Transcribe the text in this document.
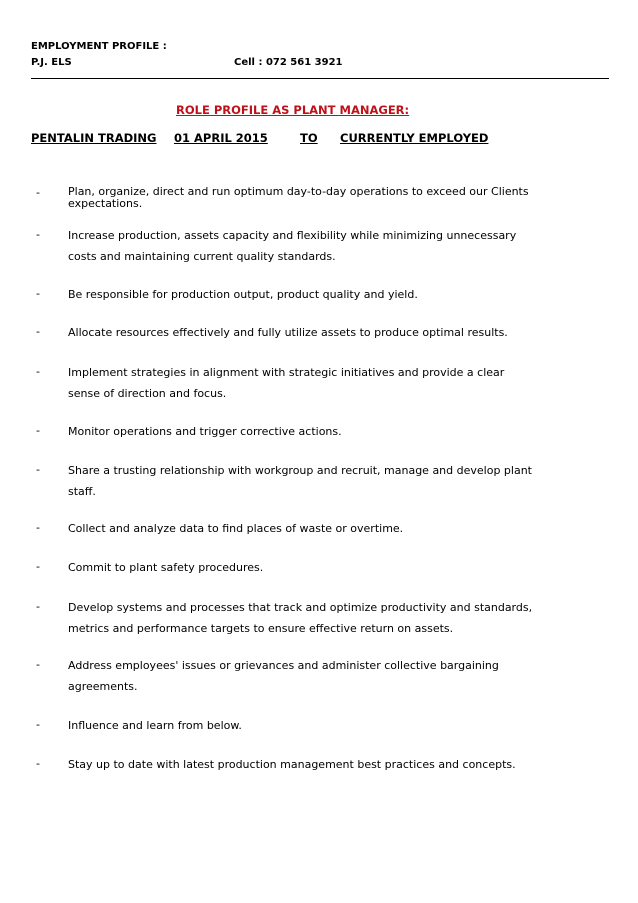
EMPLOYMENT PROFILE :
P.J. ELS	Cell : 072 561 3921
ROLE PROFILE AS PLANT MANAGER:
PENTALIN TRADING 01 APRIL 2015	TO CURRENTLY EMPLOYED
-	Plan, organize, direct and run optimum day-to-day operations to exceed our Clients expectations.
-	Increase production, assets capacity and flexibility while minimizing unnecessary costs and maintaining current quality standards.
-	Be responsible for production output, product quality and yield.
-	Allocate resources effectively and fully utilize assets to produce optimal results.
-	Implement strategies in alignment with strategic initiatives and provide a clear sense of direction and focus.
-	Monitor operations and trigger corrective actions.
-	Share a trusting relationship with workgroup and recruit, manage and develop plant staff.
-	Collect and analyze data to find places of waste or overtime.
-	Commit to plant safety procedures.
-	Develop systems and processes that track and optimize productivity and standards, metrics and performance targets to ensure effective return on assets.
-	Address employees' issues or grievances and administer collective bargaining agreements.
-	Influence and learn from below.
-	Stay up to date with latest production management best practices and concepts.
